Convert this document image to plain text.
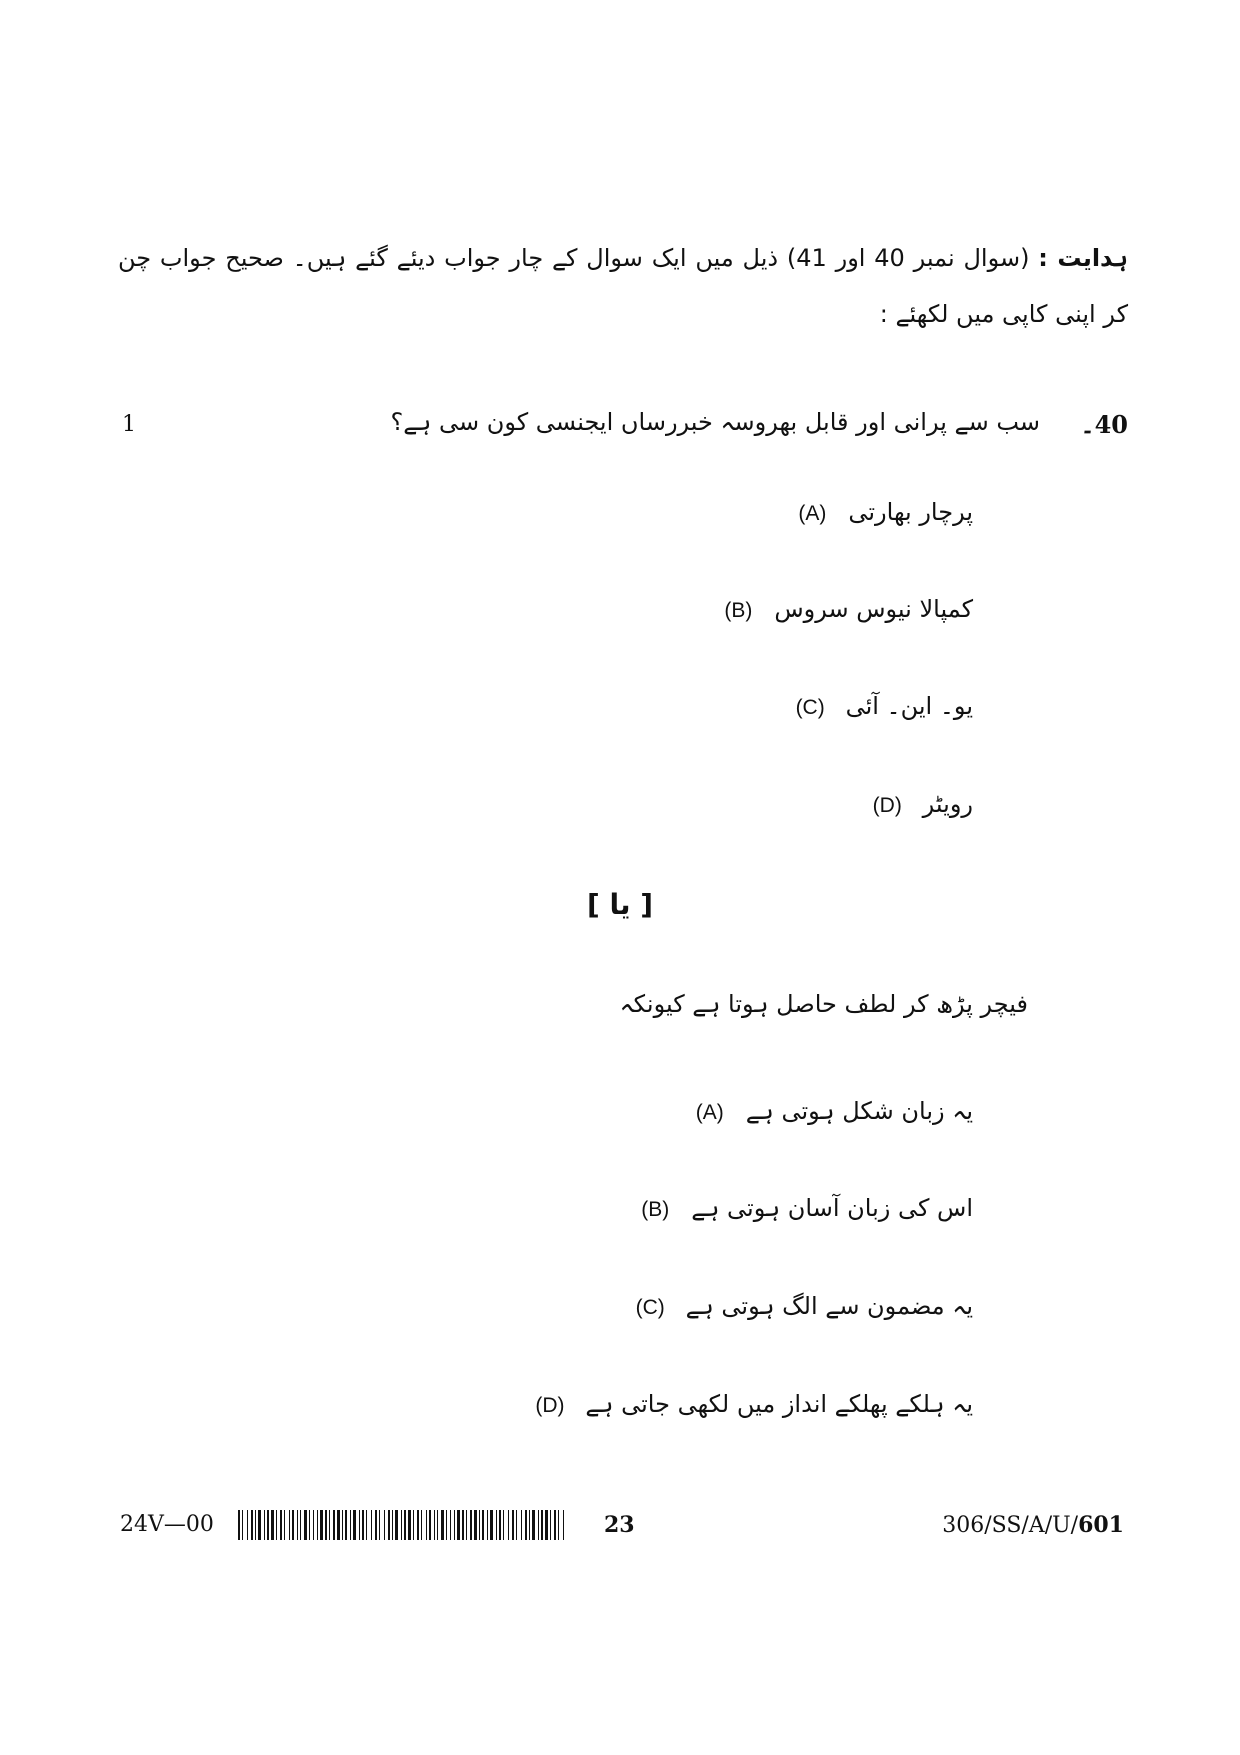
ہدایت : (سوال نمبر 40 اور 41) ذیل میں ایک سوال کے چار جواب دیئے گئے ہیں۔ صحیح جواب چن کر اپنی کاپی میں لکھئے :
40۔
سب سے پرانی اور قابل بھروسہ خبررساں ایجنسی کون سی ہے؟
1
پرچار بھارتی
(A)
کمپالا نیوس سروس
(B)
یو۔ این۔ آئی
(C)
رویٹر
(D)
[ یا ]
فیچر پڑھ کر لطف حاصل ہوتا ہے کیونکہ
یہ زبان شکل ہوتی ہے
(A)
اس کی زبان آسان ہوتی ہے
(B)
یہ مضمون سے الگ ہوتی ہے
(C)
یہ ہلکے پھلکے انداز میں لکھی جاتی ہے
(D)
24V—00	23	306/SS/A/U/601
